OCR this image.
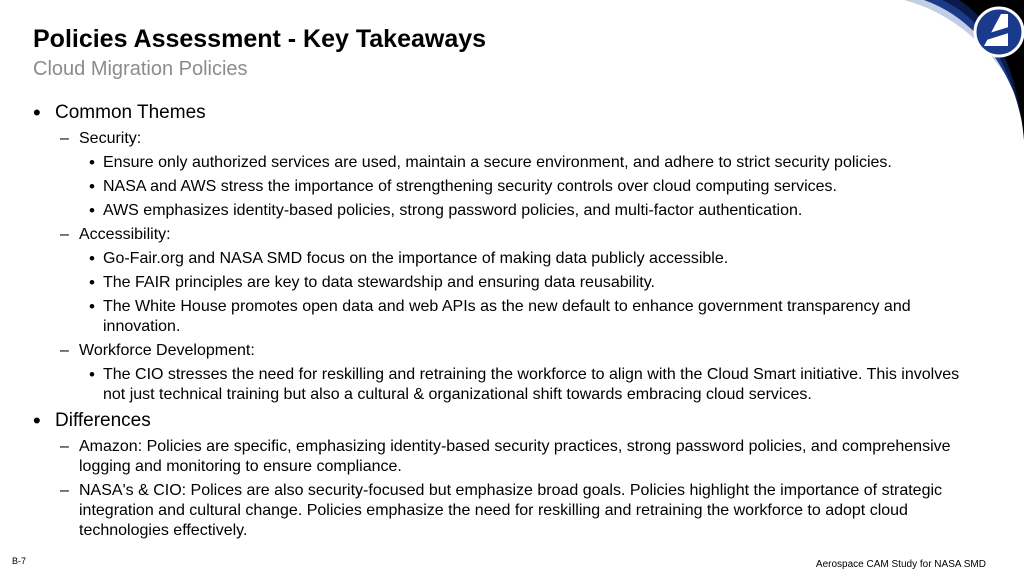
Policies Assessment - Key Takeaways
Cloud Migration Policies
• Common Themes
– Security:
• Ensure only authorized services are used, maintain a secure environment, and adhere to strict security policies.
• NASA and AWS stress the importance of strengthening security controls over cloud computing services.
• AWS emphasizes identity-based policies, strong password policies, and multi-factor authentication.
– Accessibility:
• Go-Fair.org and NASA SMD focus on the importance of making data publicly accessible.
• The FAIR principles are key to data stewardship and ensuring data reusability.
• The White House promotes open data and web APIs as the new default to enhance government transparency and innovation.
– Workforce Development:
• The CIO stresses the need for reskilling and retraining the workforce to align with the Cloud Smart initiative. This involves not just technical training but also a cultural & organizational shift towards embracing cloud services.
• Differences
– Amazon: Policies are specific, emphasizing identity-based security practices, strong password policies, and comprehensive logging and monitoring to ensure compliance.
– NASA's & CIO: Polices are also security-focused but emphasize broad goals. Policies highlight the importance of strategic integration and cultural change. Policies emphasize the need for reskilling and retraining the workforce to adopt cloud technologies effectively.
B-7	Aerospace CAM Study for NASA SMD
